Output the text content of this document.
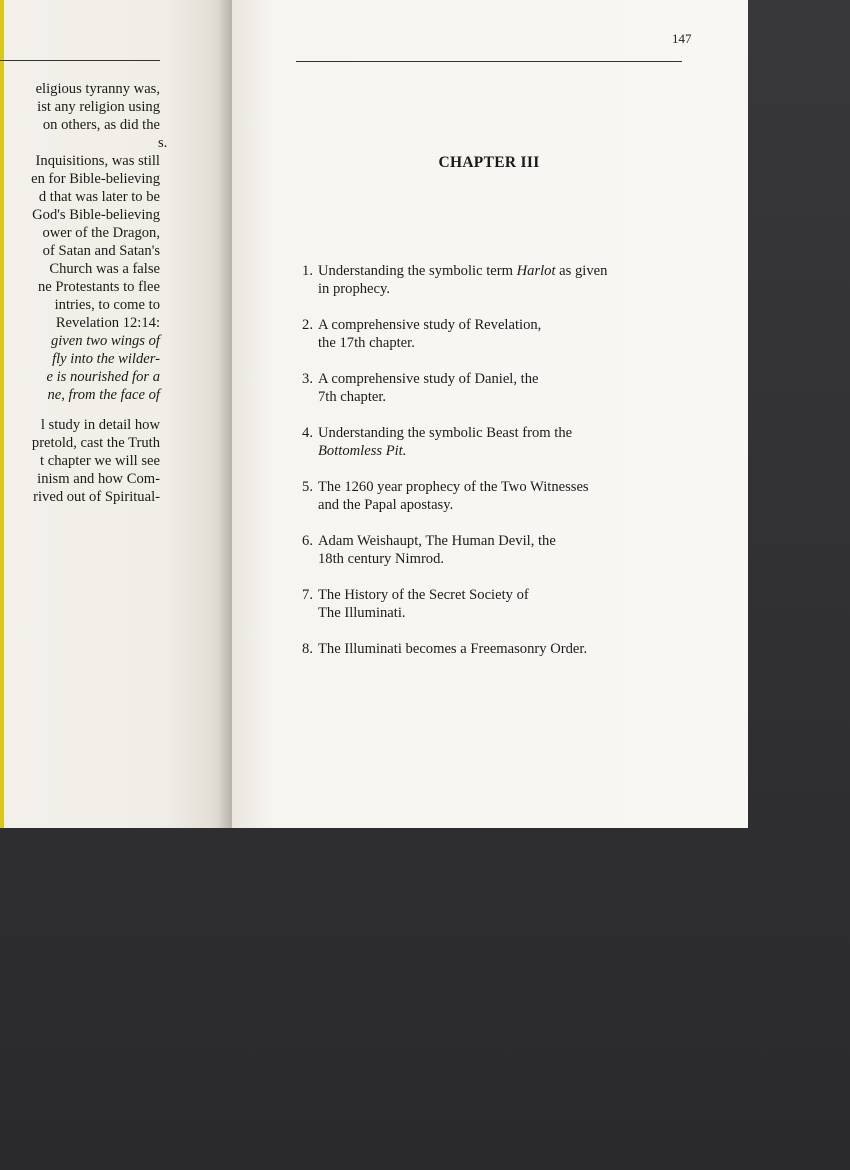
eligious tyranny was,
ist any religion using
on others, as did the
s.
Inquisitions, was still
en for Bible-believing
d that was later to be
God's Bible-believing
ower of the Dragon,
of Satan and Satan's
Church was a false
ne Protestants to flee
intries, to come to
Revelation 12:14:
given two wings of
fly into the wilder-
e is nourished for a
ne, from the face of
l study in detail how
pretold, cast the Truth
t chapter we will see
inism and how Com-
rived out of Spiritual-
147
CHAPTER III
1. Understanding the symbolic term Harlot as given
in prophecy.
2. A comprehensive study of Revelation,
the 17th chapter.
3. A comprehensive study of Daniel, the
7th chapter.
4. Understanding the symbolic Beast from the
Bottomless Pit.
5. The 1260 year prophecy of the Two Witnesses
and the Papal apostasy.
6. Adam Weishaupt, The Human Devil, the
18th century Nimrod.
7. The History of the Secret Society of
The Illuminati.
8. The Illuminati becomes a Freemasonry Order.
